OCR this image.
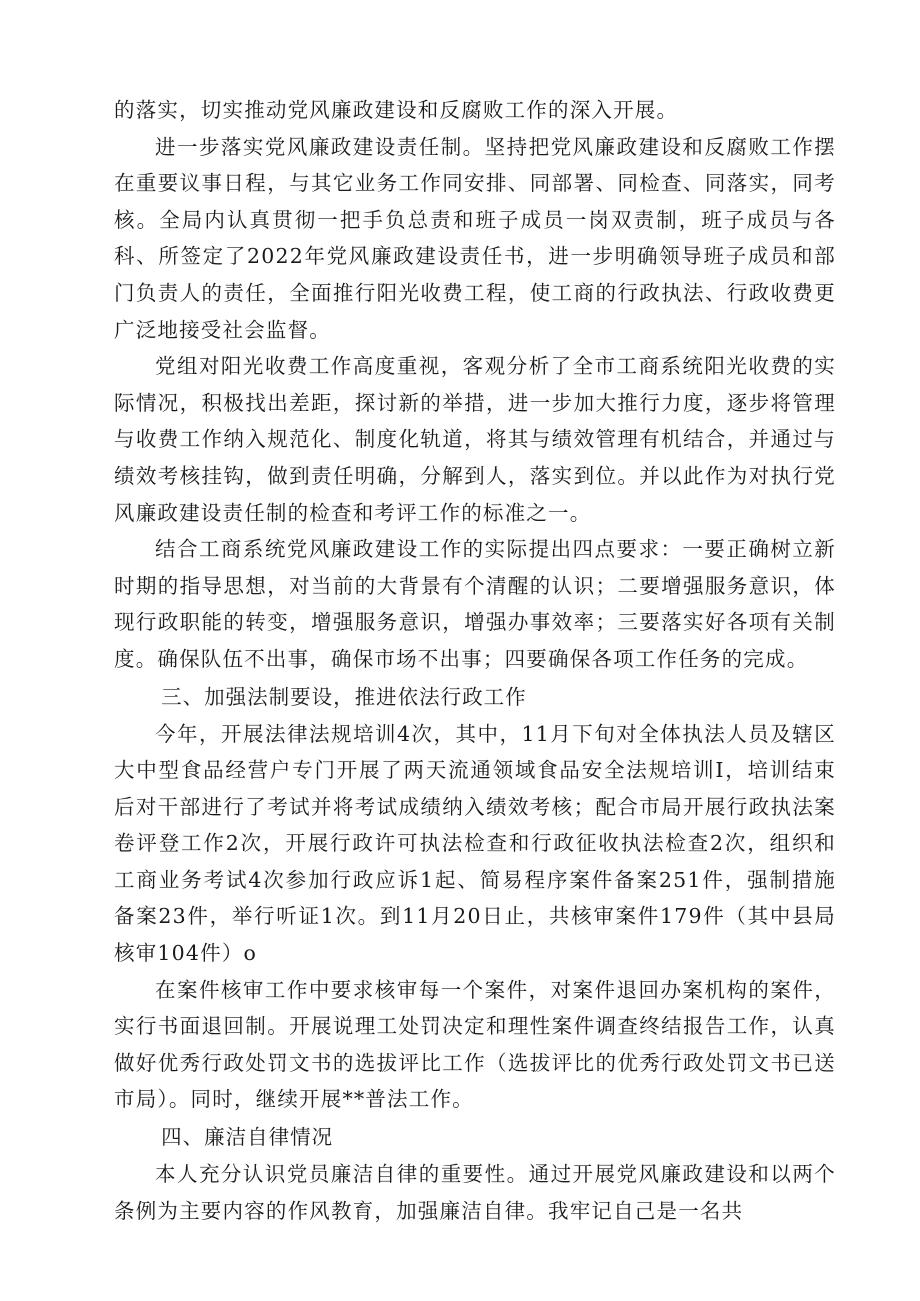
的落实，切实推动党风廉政建设和反腐败工作的深入开展。

进一步落实党风廉政建设责任制。坚持把党风廉政建设和反腐败工作摆在重要议事日程，与其它业务工作同安排、同部署、同检查、同落实，同考核。全局内认真贯彻一把手负总责和班子成员一岗双责制，班子成员与各科、所签定了2022年党风廉政建设责任书，进一步明确领导班子成员和部门负责人的责任，全面推行阳光收费工程，使工商的行政执法、行政收费更广泛地接受社会监督。

党组对阳光收费工作高度重视，客观分析了全市工商系统阳光收费的实际情况，积极找出差距，探讨新的举措，进一步加大推行力度，逐步将管理与收费工作纳入规范化、制度化轨道，将其与绩效管理有机结合，并通过与绩效考核挂钩，做到责任明确，分解到人，落实到位。并以此作为对执行党风廉政建设责任制的检查和考评工作的标准之一。

结合工商系统党风廉政建设工作的实际提出四点要求：一要正确树立新时期的指导思想，对当前的大背景有个清醒的认识；二要增强服务意识，体现行政职能的转变，增强服务意识，增强办事效率；三要落实好各项有关制度。确保队伍不出事，确保市场不出事；四要确保各项工作任务的完成。

三、加强法制要设，推进依法行政工作

今年，开展法律法规培训4次，其中，11月下旬对全体执法人员及辖区大中型食品经营户专门开展了两天流通领域食品安全法规培训I，培训结束后对干部进行了考试并将考试成绩纳入绩效考核；配合市局开展行政执法案卷评登工作2次，开展行政许可执法检查和行政征收执法检查2次，组织和工商业务考试4次参加行政应诉1起、简易程序案件备案251件，强制措施备案23件，举行听证1次。到11月20日止，共核审案件179件（其中县局核审104件）o

在案件核审工作中要求核审每一个案件，对案件退回办案机构的案件，实行书面退回制。开展说理工处罚决定和理性案件调查终结报告工作，认真做好优秀行政处罚文书的选拔评比工作（选拔评比的优秀行政处罚文书已送市局）。同时，继续开展**普法工作。

四、廉洁自律情况

本人充分认识党员廉洁自律的重要性。通过开展党风廉政建设和以两个条例为主要内容的作风教育，加强廉洁自律。我牢记自己是一名共
